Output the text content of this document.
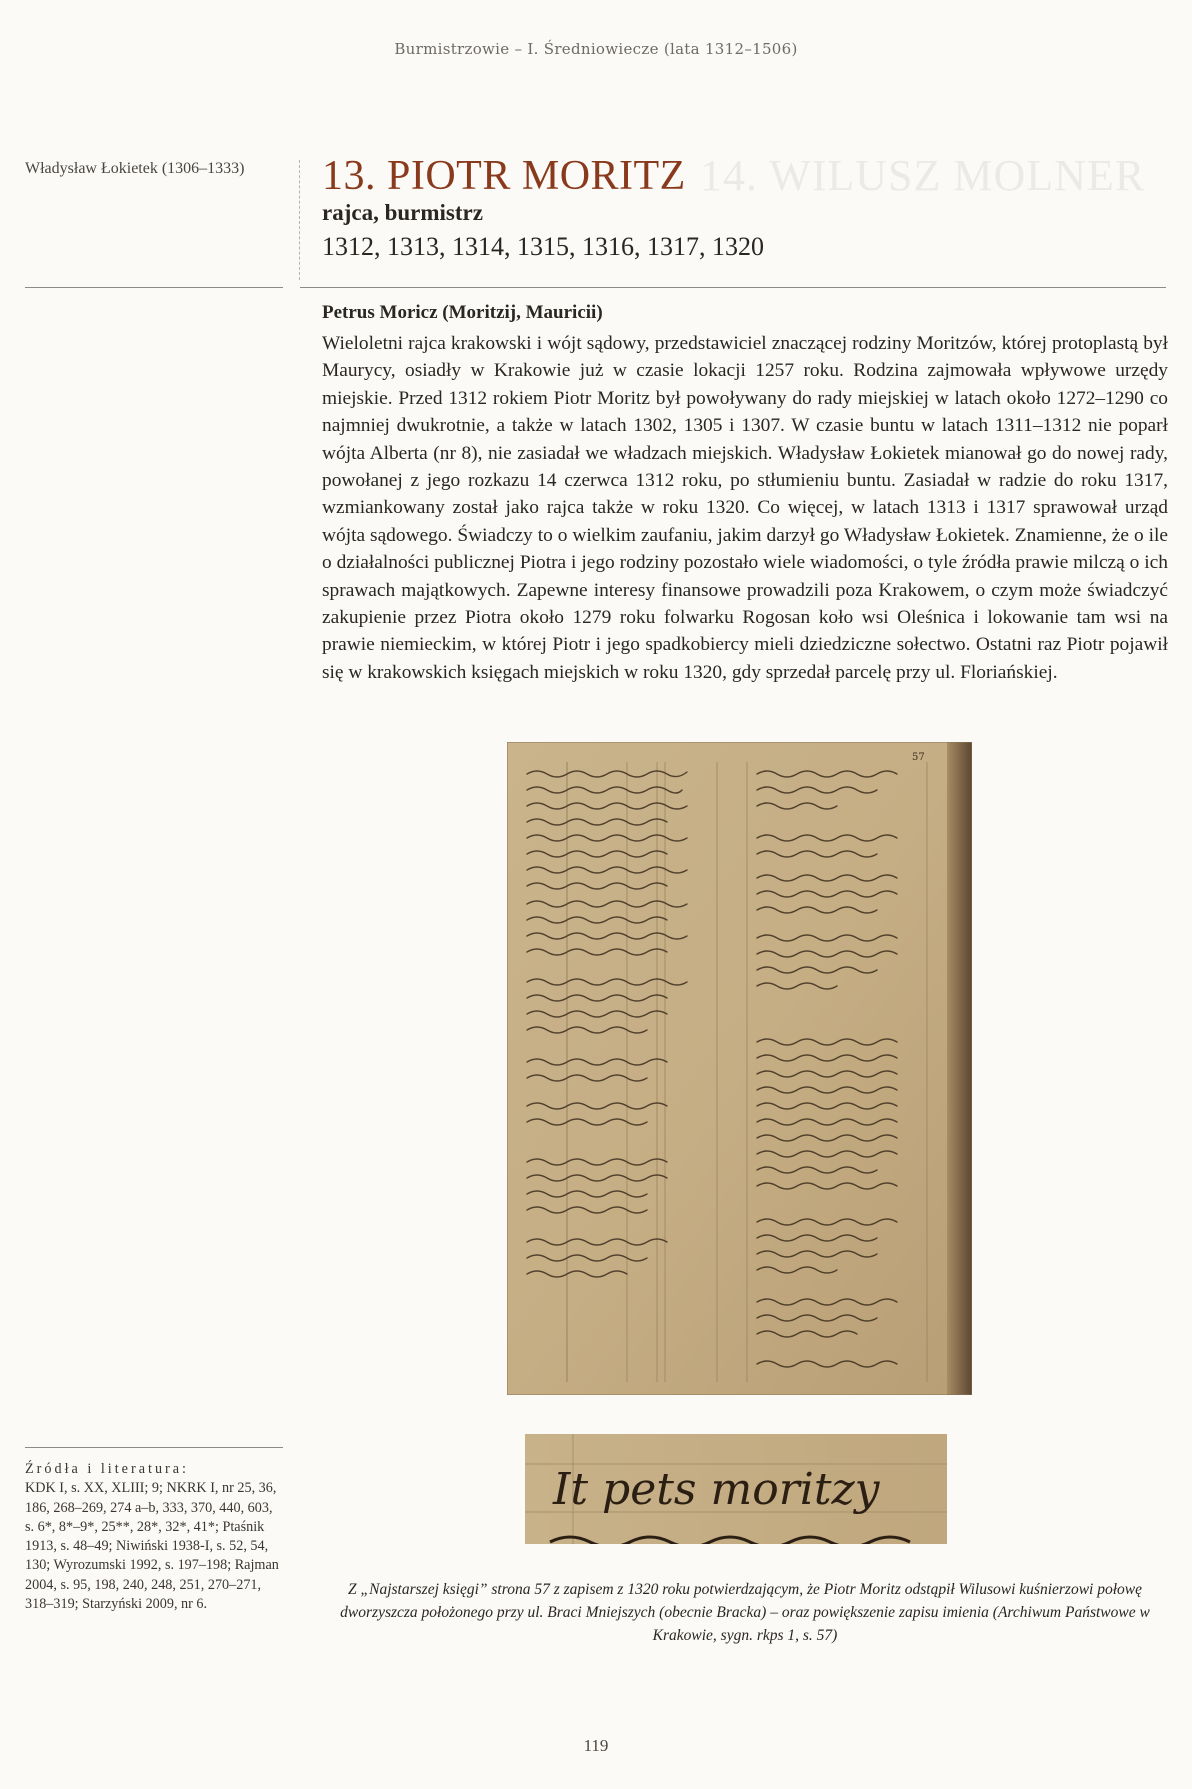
Burmistrzowie – I. Średniowiecze (lata 1312–1506)
Władysław Łokietek (1306–1333)	14. WILUSZ MOLNER
13. PIOTR MORITZ
rajca, burmistrz
1312, 1313, 1314, 1315, 1316, 1317, 1320
Petrus Moricz (Moritzij, Mauricii)

Wieloletni rajca krakowski i wójt sądowy, przedstawiciel znaczącej rodziny Moritzów, której protoplastą był Maurycy, osiadły w Krakowie już w czasie lokacji 1257 roku. Rodzina zajmowała wpływowe urzędy miejskie. Przed 1312 rokiem Piotr Moritz był powoływany do rady miejskiej w latach około 1272–1290 co najmniej dwukrotnie, a także w latach 1302, 1305 i 1307. W czasie buntu w latach 1311–1312 nie poparł wójta Alberta (nr 8), nie zasiadał we władzach miejskich. Władysław Łokietek mianował go do nowej rady, powołanej z jego rozkazu 14 czerwca 1312 roku, po stłumieniu buntu. Zasiadał w radzie do roku 1317, wzmiankowany został jako rajca także w roku 1320. Co więcej, w latach 1313 i 1317 sprawował urząd wójta sądowego. Świadczy to o wielkim zaufaniu, jakim darzył go Władysław Łokietek. Znamienne, że o ile o działalności publicznej Piotra i jego rodziny pozostało wiele wiadomości, o tyle źródła prawie milczą o ich sprawach majątkowych. Zapewne interesy finansowe prowadzili poza Krakowem, o czym może świadczyć zakupienie przez Piotra około 1279 roku folwarku Rogosan koło wsi Oleśnica i lokowanie tam wsi na prawie niemieckim, w której Piotr i jego spadkobiercy mieli dziedziczne sołectwo. Ostatni raz Piotr pojawił się w krakowskich księgach miejskich w roku 1320, gdy sprzedał parcelę przy ul. Floriańskiej.

57
It pets moritzy

Z „Najstarszej księgi” strona 57 z zapisem z 1320 roku potwierdzającym, że Piotr Moritz odstąpił Wilusowi kuśnierzowi połowę dworzyszcza położonego przy ul. Braci Mniejszych (obecnie Bracka) – oraz powiększenie zapisu imienia (Archiwum Państwowe w Krakowie, sygn. rkps 1, s. 57)

Źródła i literatura:
KDK I, s. XX, XLIII; 9; NKRK I, nr 25, 36, 186, 268–269, 274 a–b, 333, 370, 440, 603, s. 6*, 8*–9*, 25**, 28*, 32*, 41*; Ptaśnik 1913, s. 48–49; Niwiński 1938-I, s. 52, 54, 130; Wyrozumski 1992, s. 197–198; Rajman 2004, s. 95, 198, 240, 248, 251, 270–271, 318–319; Starzyński 2009, nr 6.
119
